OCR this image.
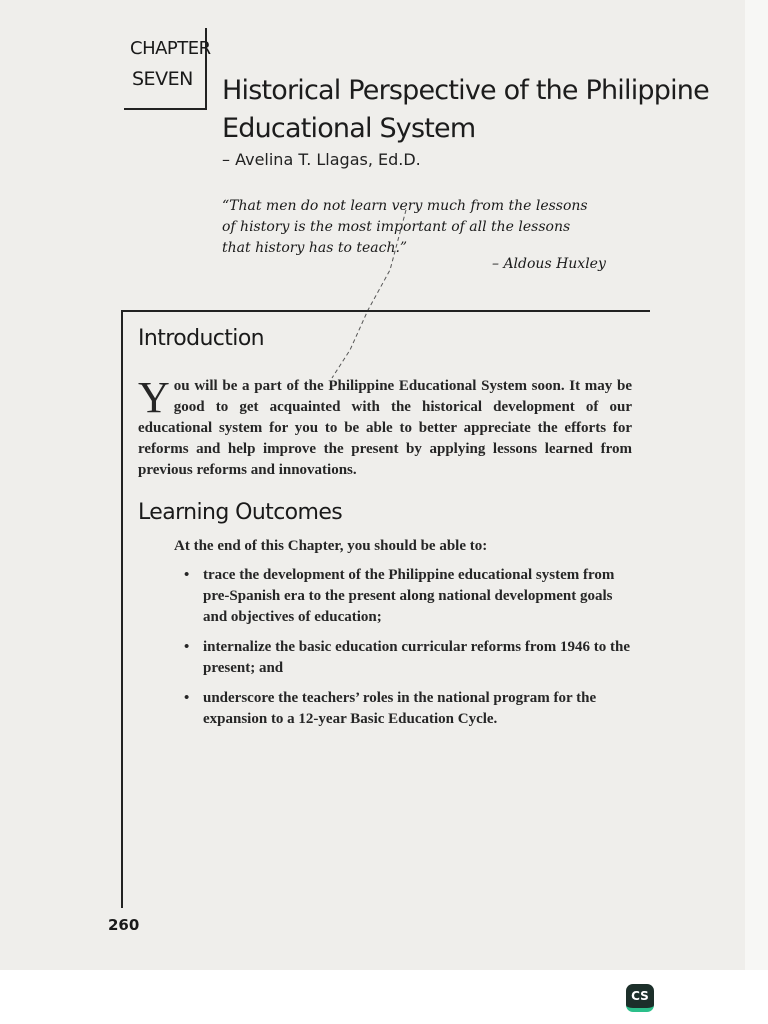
CHAPTER
SEVEN Historical Perspective of the Philippine Educational System
– Avelina T. Llagas, Ed.D.
“That men do not learn very much from the lessons of history is the most important of all the lessons that history has to teach.”
– Aldous Huxley
Introduction
You will be a part of the Philippine Educational System soon. It may be good to get acquainted with the historical development of our educational system for you to be able to better appreciate the efforts for reforms and help improve the present by applying lessons learned from previous reforms and innovations.
Learning Outcomes
At the end of this Chapter, you should be able to:
• trace the development of the Philippine educational system from pre-Spanish era to the present along national development goals and objectives of education;
• internalize the basic education curricular reforms from 1946 to the present; and
• underscore the teachers’ roles in the national program for the expansion to a 12-year Basic Education Cycle.
260
CS
